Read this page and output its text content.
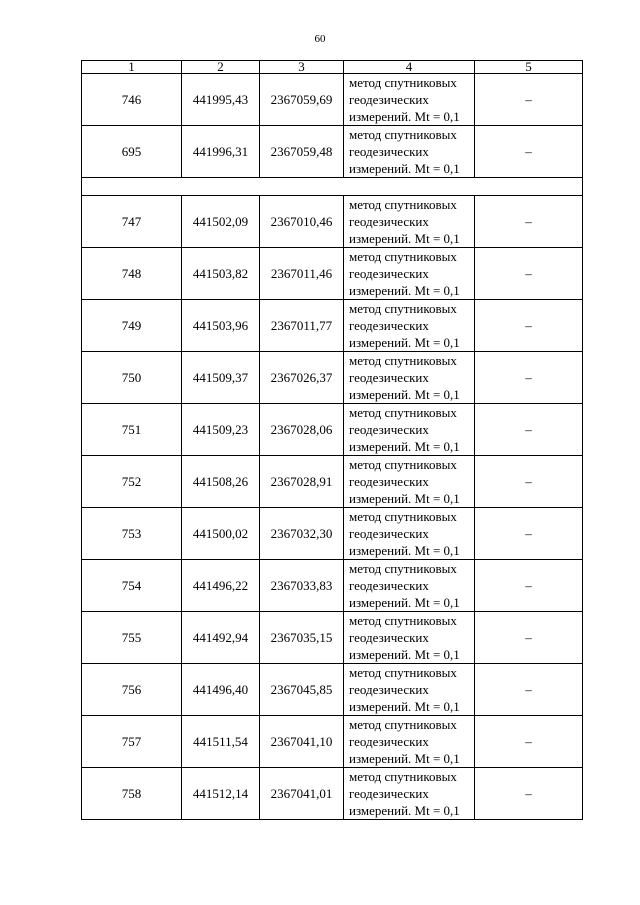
60
1	2	3	4	5
746	441995,43	2367059,69	метод спутниковых
геодезических
измерений. Mt = 0,1	–
695	441996,31	2367059,48	метод спутниковых
геодезических
измерений. Mt = 0,1	–

747	441502,09	2367010,46	метод спутниковых
геодезических
измерений. Mt = 0,1	–
748	441503,82	2367011,46	метод спутниковых
геодезических
измерений. Mt = 0,1	–
749	441503,96	2367011,77	метод спутниковых
геодезических
измерений. Mt = 0,1	–
750	441509,37	2367026,37	метод спутниковых
геодезических
измерений. Mt = 0,1	–
751	441509,23	2367028,06	метод спутниковых
геодезических
измерений. Mt = 0,1	–
752	441508,26	2367028,91	метод спутниковых
геодезических
измерений. Mt = 0,1	–
753	441500,02	2367032,30	метод спутниковых
геодезических
измерений. Mt = 0,1	–
754	441496,22	2367033,83	метод спутниковых
геодезических
измерений. Mt = 0,1	–
755	441492,94	2367035,15	метод спутниковых
геодезических
измерений. Mt = 0,1	–
756	441496,40	2367045,85	метод спутниковых
геодезических
измерений. Mt = 0,1	–
757	441511,54	2367041,10	метод спутниковых
геодезических
измерений. Mt = 0,1	–
758	441512,14	2367041,01	метод спутниковых
геодезических
измерений. Mt = 0,1	–
